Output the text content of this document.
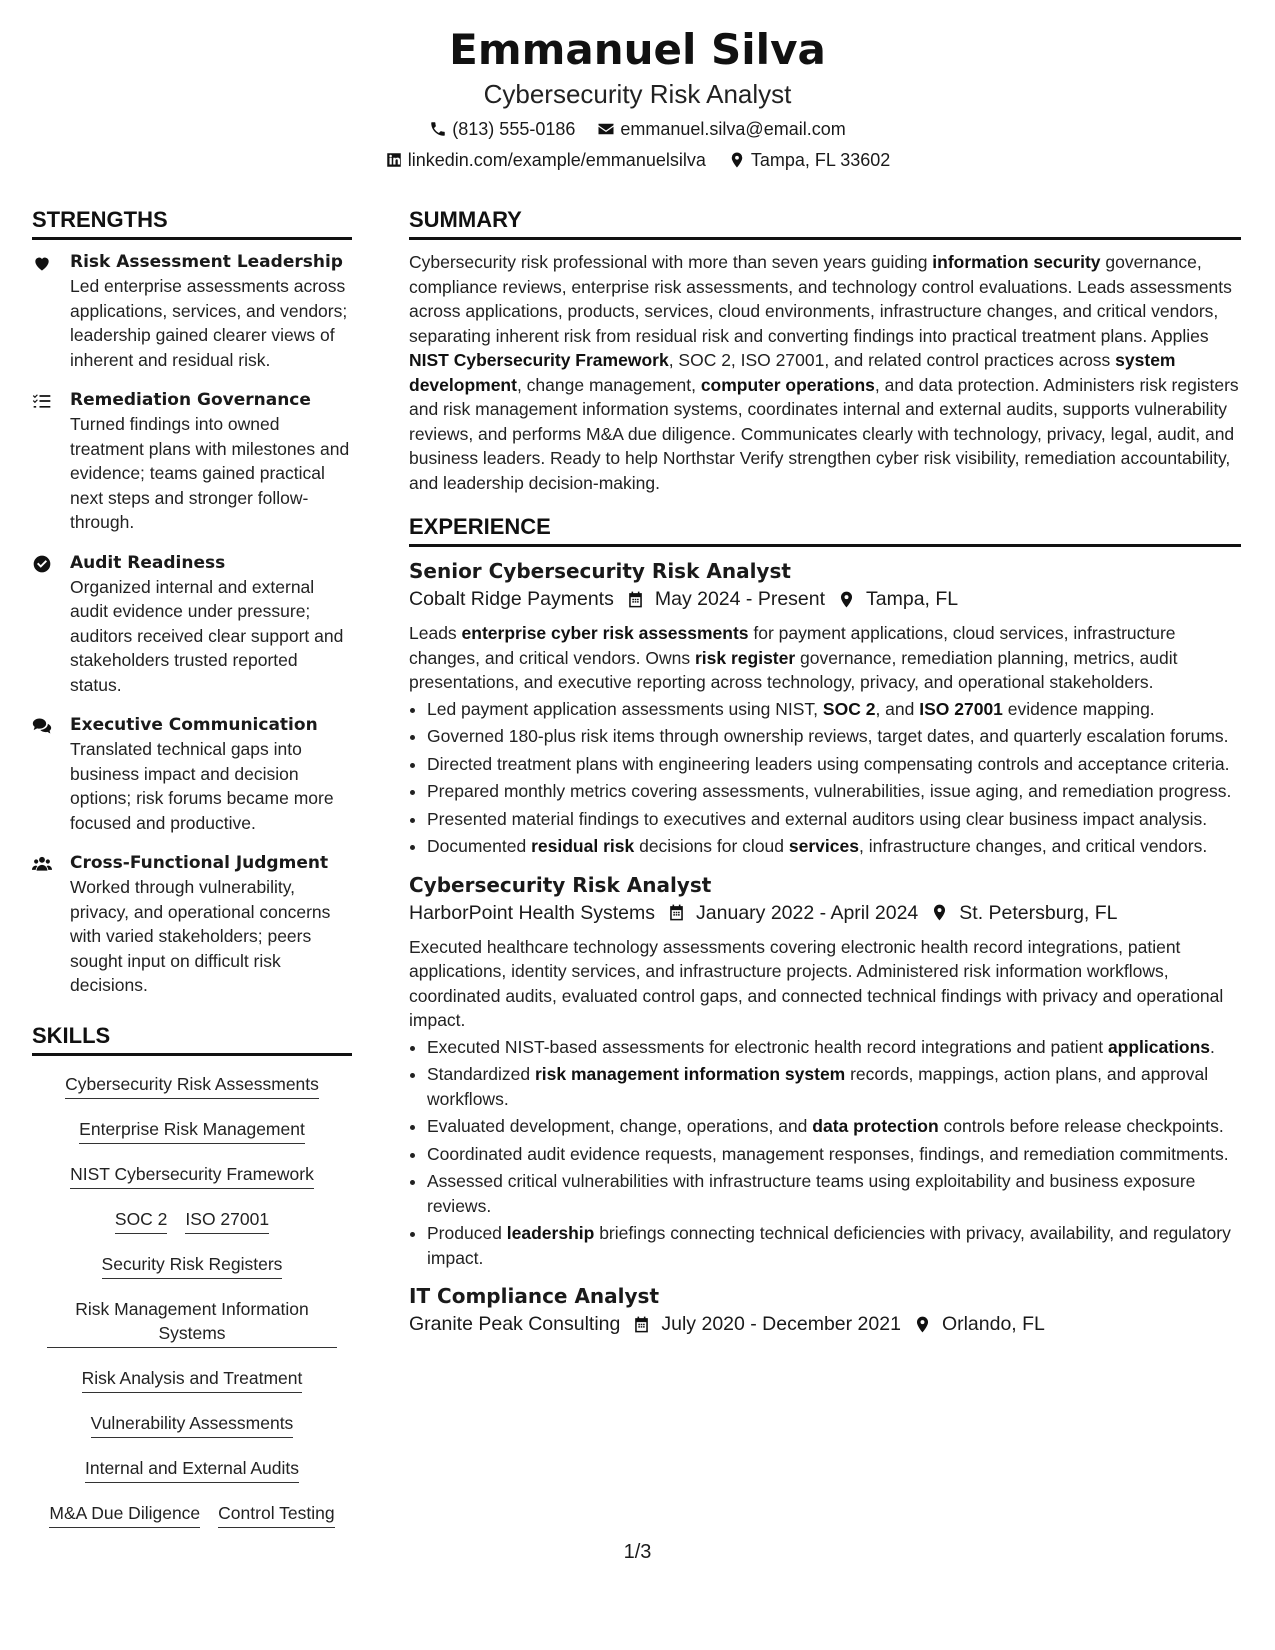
Emmanuel Silva
Cybersecurity Risk Analyst
(813) 555-0186	emmanuel.silva@email.com
linkedin.com/example/emmanuelsilva	Tampa, FL 33602
STRENGTHS
Risk Assessment Leadership
Led enterprise assessments across applications, services, and vendors; leadership gained clearer views of inherent and residual risk.
Remediation Governance
Turned findings into owned treatment plans with milestones and evidence; teams gained practical next steps and stronger follow-through.
Audit Readiness
Organized internal and external audit evidence under pressure; auditors received clear support and stakeholders trusted reported status.
Executive Communication
Translated technical gaps into business impact and decision options; risk forums became more focused and productive.
Cross-Functional Judgment
Worked through vulnerability, privacy, and operational concerns with varied stakeholders; peers sought input on difficult risk decisions.
SKILLS
Cybersecurity Risk Assessments
Enterprise Risk Management
NIST Cybersecurity Framework
SOC 2 ISO 27001
Security Risk Registers
Risk Management Information Systems
Risk Analysis and Treatment
Vulnerability Assessments
Internal and External Audits
M&A Due Diligence Control Testing
SUMMARY
Cybersecurity risk professional with more than seven years guiding information security governance, compliance reviews, enterprise risk assessments, and technology control evaluations. Leads assessments across applications, products, services, cloud environments, infrastructure changes, and critical vendors, separating inherent risk from residual risk and converting findings into practical treatment plans. Applies NIST Cybersecurity Framework, SOC 2, ISO 27001, and related control practices across system development, change management, computer operations, and data protection. Administers risk registers and risk management information systems, coordinates internal and external audits, supports vulnerability reviews, and performs M&A due diligence. Communicates clearly with technology, privacy, legal, audit, and business leaders. Ready to help Northstar Verify strengthen cyber risk visibility, remediation accountability, and leadership decision-making.
EXPERIENCE
Senior Cybersecurity Risk Analyst
Cobalt Ridge Payments May 2024 - Present Tampa, FL
Leads enterprise cyber risk assessments for payment applications, cloud services, infrastructure changes, and critical vendors. Owns risk register governance, remediation planning, metrics, audit presentations, and executive reporting across technology, privacy, and operational stakeholders.
• Led payment application assessments using NIST, SOC 2, and ISO 27001 evidence mapping.
• Governed 180-plus risk items through ownership reviews, target dates, and quarterly escalation forums.
• Directed treatment plans with engineering leaders using compensating controls and acceptance criteria.
• Prepared monthly metrics covering assessments, vulnerabilities, issue aging, and remediation progress.
• Presented material findings to executives and external auditors using clear business impact analysis.
• Documented residual risk decisions for cloud services, infrastructure changes, and critical vendors.
Cybersecurity Risk Analyst
HarborPoint Health Systems January 2022 - April 2024 St. Petersburg, FL
Executed healthcare technology assessments covering electronic health record integrations, patient applications, identity services, and infrastructure projects. Administered risk information workflows, coordinated audits, evaluated control gaps, and connected technical findings with privacy and operational impact.
• Executed NIST-based assessments for electronic health record integrations and patient applications.
• Standardized risk management information system records, mappings, action plans, and approval workflows.
• Evaluated development, change, operations, and data protection controls before release checkpoints.
• Coordinated audit evidence requests, management responses, findings, and remediation commitments.
• Assessed critical vulnerabilities with infrastructure teams using exploitability and business exposure reviews.
• Produced leadership briefings connecting technical deficiencies with privacy, availability, and regulatory impact.
IT Compliance Analyst
Granite Peak Consulting July 2020 - December 2021 Orlando, FL
1/3
